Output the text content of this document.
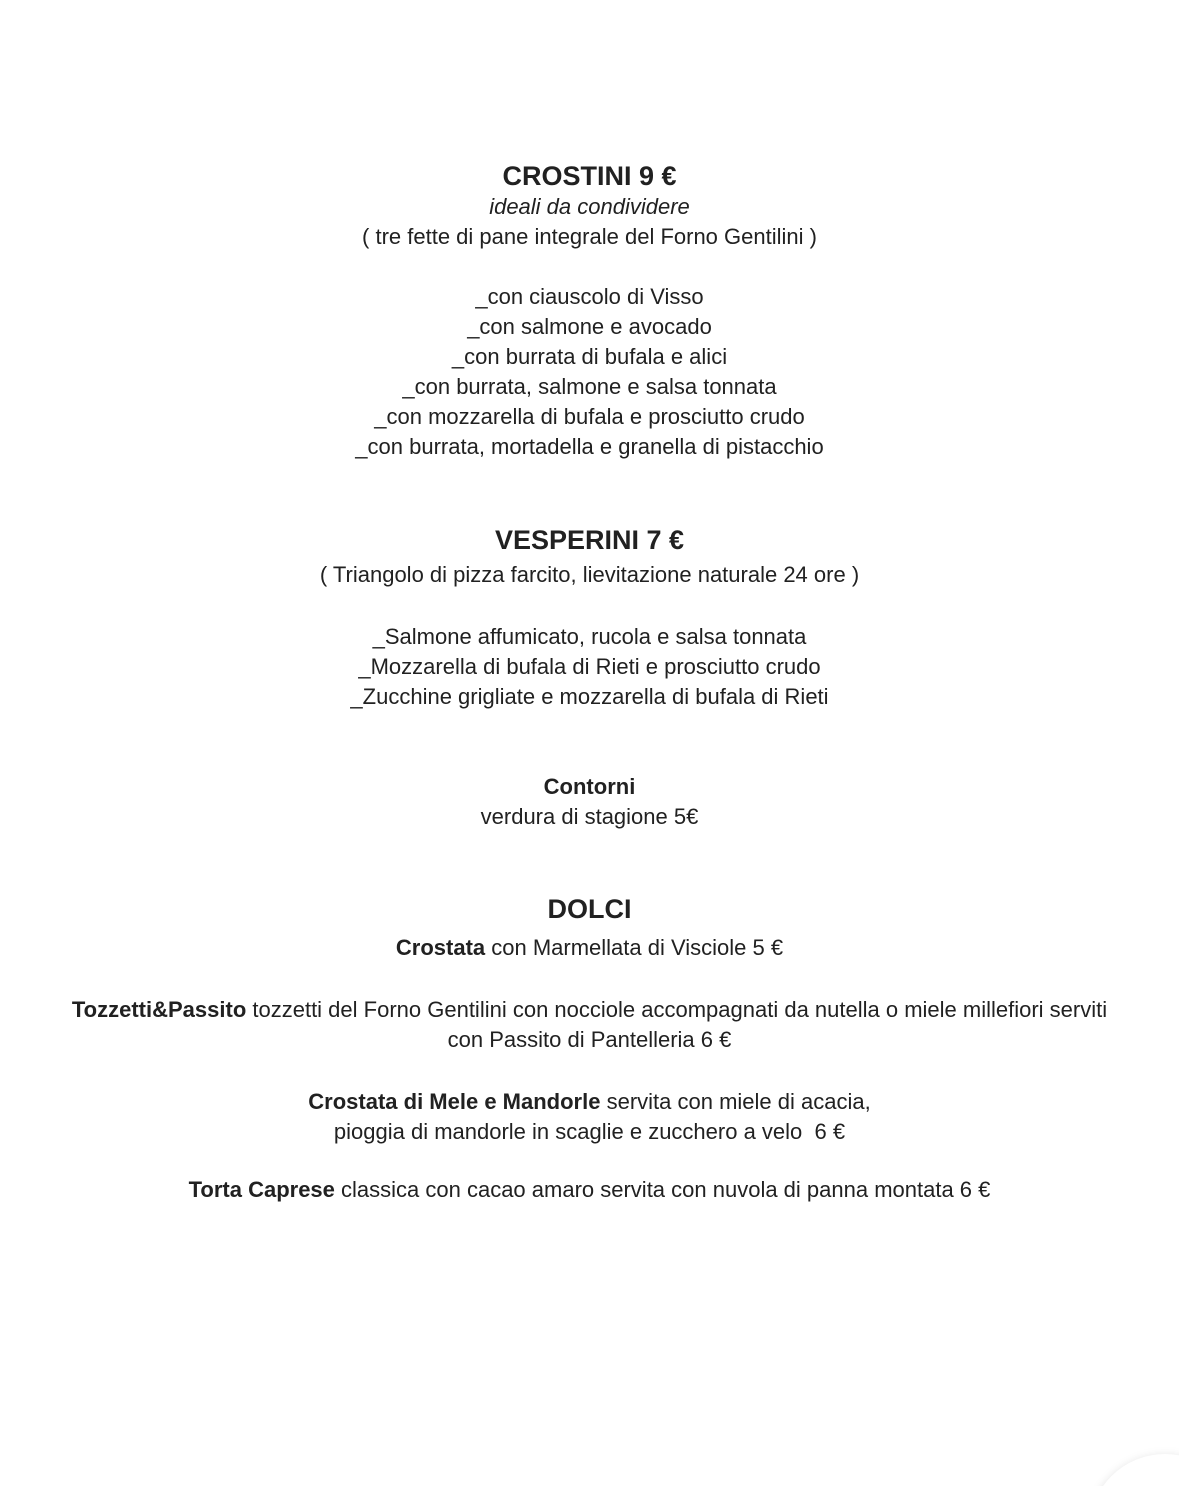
CROSTINI 9 €

ideali da condividere

( tre fette di pane integrale del Forno Gentilini )

_con ciauscolo di Visso

_con salmone e avocado

_con burrata di bufala e alici

_con burrata, salmone e salsa tonnata

_con mozzarella di bufala e prosciutto crudo

_con burrata, mortadella e granella di pistacchio

VESPERINI 7 €

( Triangolo di pizza farcito, lievitazione naturale 24 ore )

_Salmone affumicato, rucola e salsa tonnata

_Mozzarella di bufala di Rieti e prosciutto crudo

_Zucchine grigliate e mozzarella di bufala di Rieti

Contorni

verdura di stagione 5€

DOLCI

Crostata con Marmellata di Visciole 5 €

Tozzetti&Passito tozzetti del Forno Gentilini con nocciole accompagnati da nutella o miele millefiori serviti

con Passito di Pantelleria 6 €

Crostata di Mele e Mandorle servita con miele di acacia,

pioggia di mandorle in scaglie e zucchero a velo  6 €

Torta Caprese classica con cacao amaro servita con nuvola di panna montata 6 €
